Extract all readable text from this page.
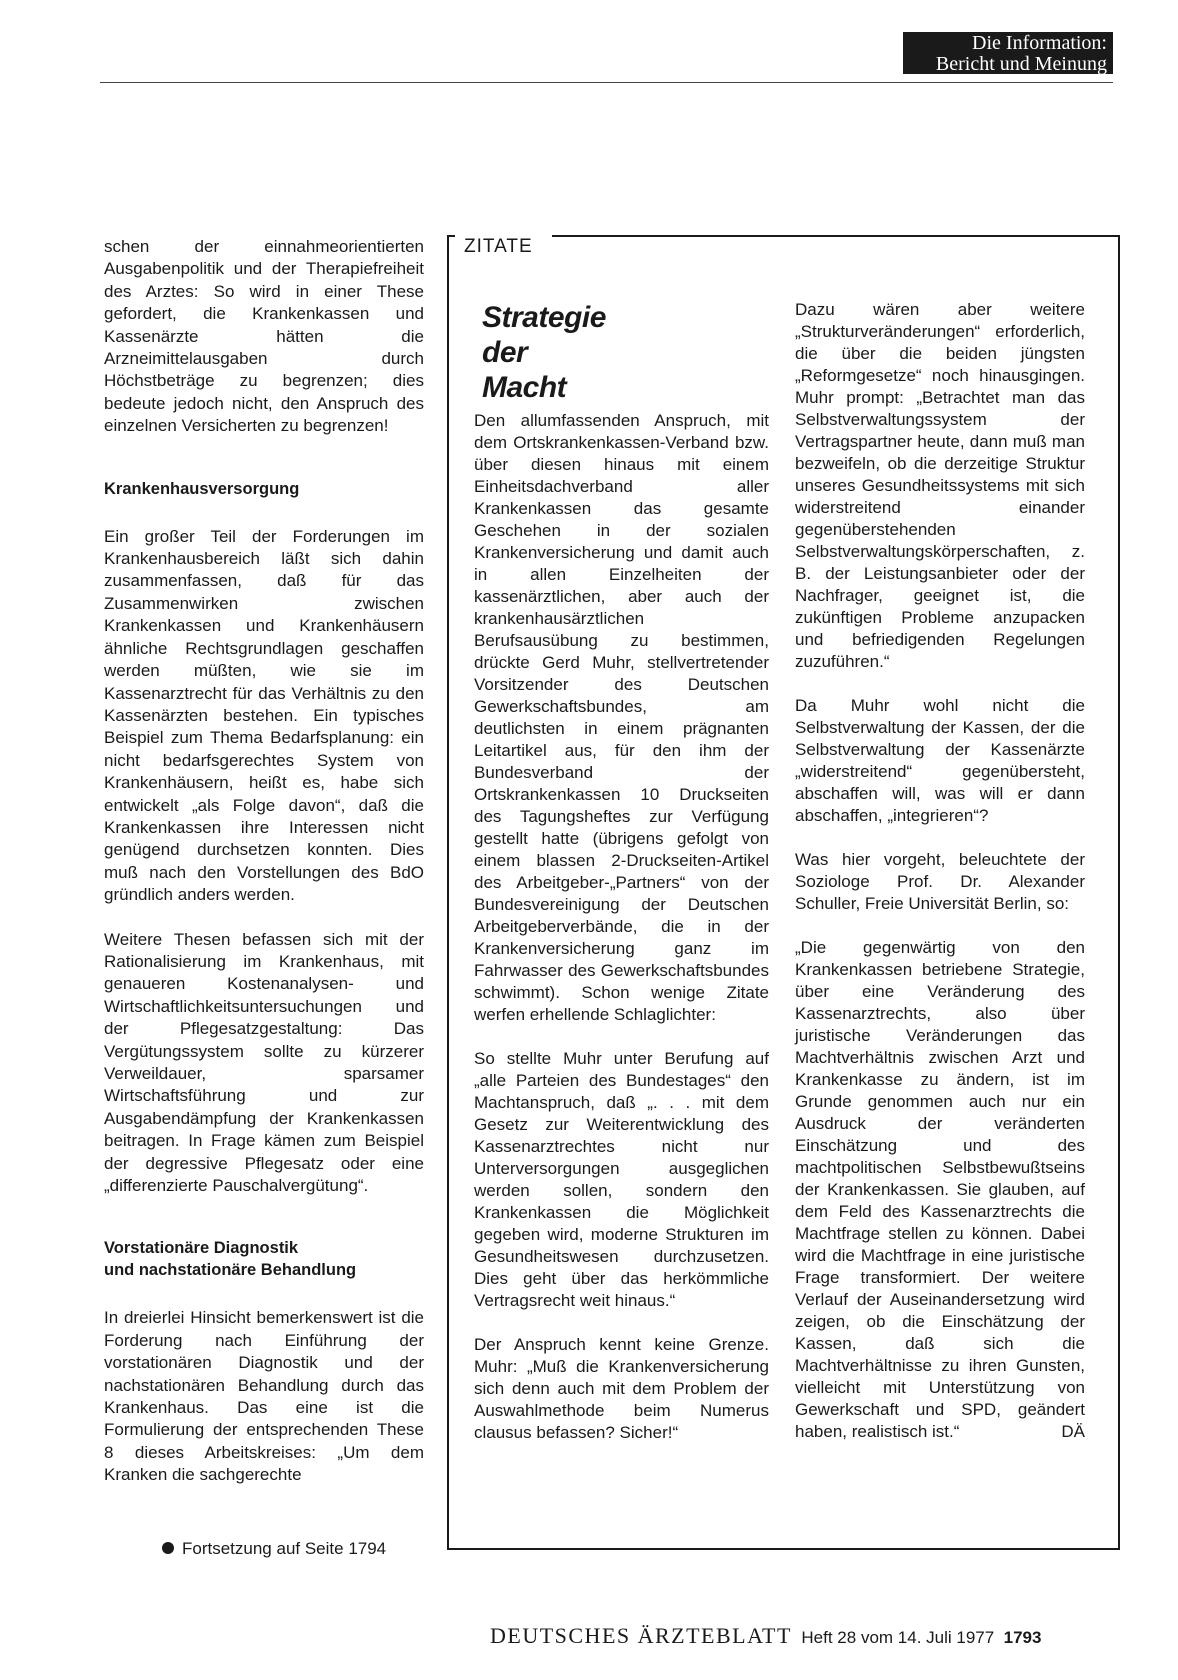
Die Information:
Bericht und Meinung

schen der einnahmeorientierten Ausgabenpolitik und der Therapiefreiheit des Arztes: So wird in einer These gefordert, die Krankenkassen und Kassenärzte hätten die Arzneimittelausgaben durch Höchstbeträge zu begrenzen; dies bedeute jedoch nicht, den Anspruch des einzelnen Versicherten zu begrenzen!

Krankenhausversorgung

Ein großer Teil der Forderungen im Krankenhausbereich läßt sich dahin zusammenfassen, daß für das Zusammenwirken zwischen Krankenkassen und Krankenhäusern ähnliche Rechtsgrundlagen geschaffen werden müßten, wie sie im Kassenarztrecht für das Verhältnis zu den Kassenärzten bestehen. Ein typisches Beispiel zum Thema Bedarfsplanung: ein nicht bedarfsgerechtes System von Krankenhäusern, heißt es, habe sich entwickelt „als Folge davon“, daß die Krankenkassen ihre Interessen nicht genügend durchsetzen konnten. Dies muß nach den Vorstellungen des BdO gründlich anders werden.

Weitere Thesen befassen sich mit der Rationalisierung im Krankenhaus, mit genaueren Kostenanalysen- und Wirtschaftlichkeitsuntersuchungen und der Pflegesatzgestaltung: Das Vergütungssystem sollte zu kürzerer Verweildauer, sparsamer Wirtschaftsführung und zur Ausgabendämpfung der Krankenkassen beitragen. In Frage kämen zum Beispiel der degressive Pflegesatz oder eine „differenzierte Pauschalvergütung“.

Vorstationäre Diagnostik
und nachstationäre Behandlung

In dreierlei Hinsicht bemerkenswert ist die Forderung nach Einführung der vorstationären Diagnostik und der nachstationären Behandlung durch das Krankenhaus. Das eine ist die Formulierung der entsprechenden These 8 dieses Arbeitskreises: „Um dem Kranken die sachgerechte

Fortsetzung auf Seite 1794
ZITATE
Strategie
der
Macht

Den allumfassenden Anspruch, mit dem Ortskrankenkassen-Verband bzw. über diesen hinaus mit einem Einheitsdachverband aller Krankenkassen das gesamte Geschehen in der sozialen Krankenversicherung und damit auch in allen Einzelheiten der kassenärztlichen, aber auch der krankenhausärztlichen Berufsausübung zu bestimmen, drückte Gerd Muhr, stellvertretender Vorsitzender des Deutschen Gewerkschaftsbundes, am deutlichsten in einem prägnanten Leitartikel aus, für den ihm der Bundesverband der Ortskrankenkassen 10 Druckseiten des Tagungsheftes zur Verfügung gestellt hatte (übrigens gefolgt von einem blassen 2-Druckseiten-Artikel des Arbeitgeber-„Partners“ von der Bundesvereinigung der Deutschen Arbeitgeberverbände, die in der Krankenversicherung ganz im Fahrwasser des Gewerkschaftsbundes schwimmt). Schon wenige Zitate werfen erhellende Schlaglichter:

So stellte Muhr unter Berufung auf „alle Parteien des Bundestages“ den Machtanspruch, daß „. . . mit dem Gesetz zur Weiterentwicklung des Kassenarztrechtes nicht nur Unterversorgungen ausgeglichen werden sollen, sondern den Krankenkassen die Möglichkeit gegeben wird, moderne Strukturen im Gesundheitswesen durchzusetzen. Dies geht über das herkömmliche Vertragsrecht weit hinaus.“

Der Anspruch kennt keine Grenze. Muhr: „Muß die Krankenversicherung sich denn auch mit dem Problem der Auswahlmethode beim Numerus clausus befassen? Sicher!“

Dazu wären aber weitere „Strukturveränderungen“ erforderlich, die über die beiden jüngsten „Reformgesetze“ noch hinausgingen. Muhr prompt: „Betrachtet man das Selbstverwaltungssystem der Vertragspartner heute, dann muß man bezweifeln, ob die derzeitige Struktur unseres Gesundheitssystems mit sich widerstreitend einander gegenüberstehenden Selbstverwaltungskörperschaften, z. B. der Leistungsanbieter oder der Nachfrager, geeignet ist, die zukünftigen Probleme anzupacken und befriedigenden Regelungen zuzuführen.“

Da Muhr wohl nicht die Selbstverwaltung der Kassen, der die Selbstverwaltung der Kassenärzte „widerstreitend“ gegenübersteht, abschaffen will, was will er dann abschaffen, „integrieren“?

Was hier vorgeht, beleuchtete der Soziologe Prof. Dr. Alexander Schuller, Freie Universität Berlin, so:

„Die gegenwärtig von den Krankenkassen betriebene Strategie, über eine Veränderung des Kassenarztrechts, also über juristische Veränderungen das Machtverhältnis zwischen Arzt und Krankenkasse zu ändern, ist im Grunde genommen auch nur ein Ausdruck der veränderten Einschätzung und des machtpolitischen Selbstbewußtseins der Krankenkassen. Sie glauben, auf dem Feld des Kassenarztrechts die Machtfrage stellen zu können. Dabei wird die Machtfrage in eine juristische Frage transformiert. Der weitere Verlauf der Auseinandersetzung wird zeigen, ob die Einschätzung der Kassen, daß sich die Machtverhältnisse zu ihren Gunsten, vielleicht mit Unterstützung von Gewerkschaft und SPD, geändert haben, realistisch ist.“	DÄ

DEUTSCHES ÄRZTEBLATT Heft 28 vom 14. Juli 1977 1793
